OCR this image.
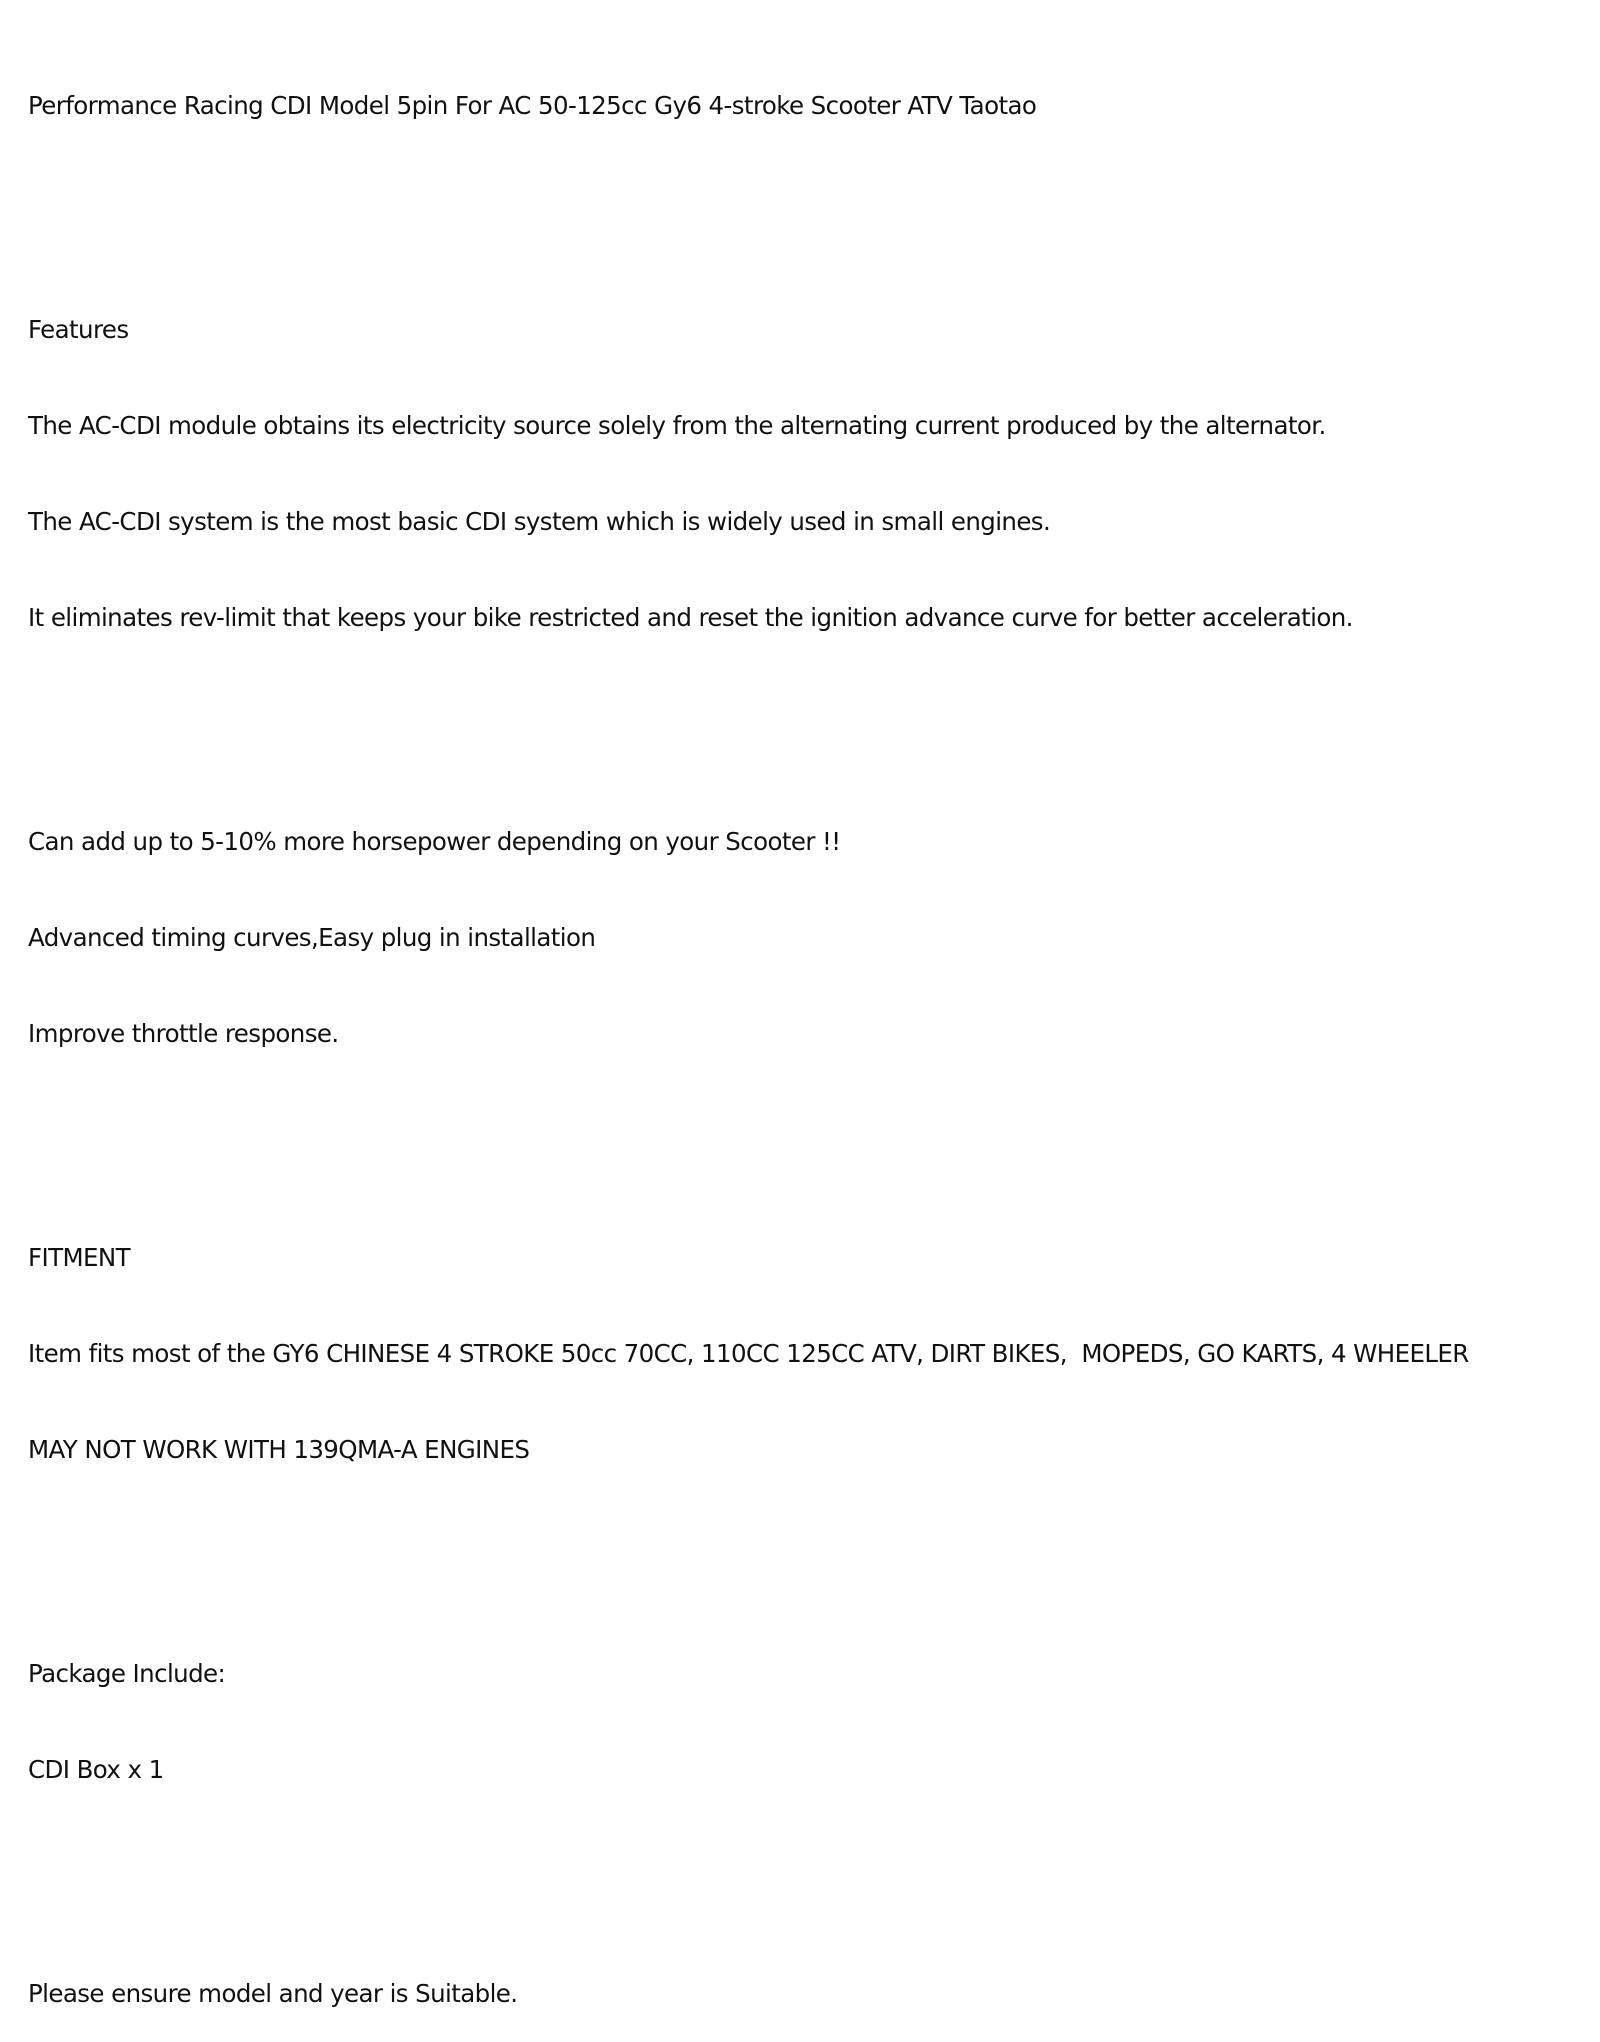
Performance Racing CDI Model 5pin For AC 50-125cc Gy6 4-stroke Scooter ATV Taotao

Features

The AC-CDI module obtains its electricity source solely from the alternating current produced by the alternator.

The AC-CDI system is the most basic CDI system which is widely used in small engines.

It eliminates rev-limit that keeps your bike restricted and reset the ignition advance curve for better acceleration.

Can add up to 5-10% more horsepower depending on your Scooter !!

Advanced timing curves,Easy plug in installation

Improve throttle response.

FITMENT

Item fits most of the GY6 CHINESE 4 STROKE 50cc 70CC, 110CC 125CC ATV, DIRT BIKES,  MOPEDS, GO KARTS, 4 WHEELER

MAY NOT WORK WITH 139QMA-A ENGINES

Package Include:

CDI Box x 1

Please ensure model and year is Suitable.
